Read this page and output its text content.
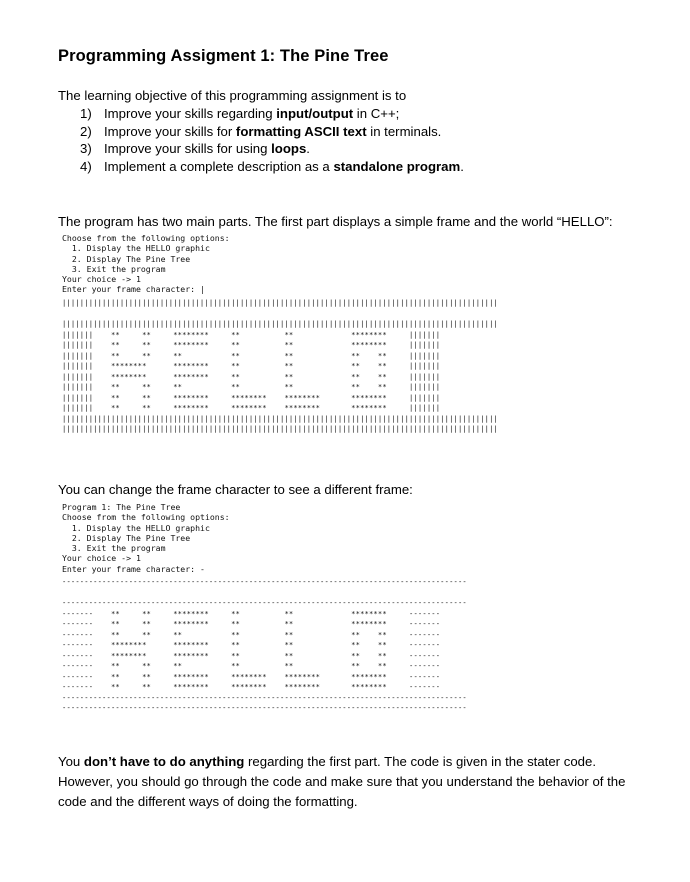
Programming Assigment 1: The Pine Tree

The learning objective of this programming assignment is to

1) Improve your skills regarding input/output in C++;
2) Improve your skills for formatting ASCII text in terminals.
3) Improve your skills for using loops.
4) Implement a complete description as a standalone program.

The program has two main parts. The first part displays a simple frame and the world “HELLO”:

Choose from the following options:
1. Display the HELLO graphic
2. Display The Pine Tree
3. Exit the program
Your choice -> 1
Enter your frame character: |
||||||||||||||||||||||||||||||||||||||||||||||||||||||||||||||||||||||||||||||||||||||||||||||||||

||||||||||||||||||||||||||||||||||||||||||||||||||||||||||||||||||||||||||||||||||||||||||||||||||
|||||||    **     **     ********     **          **             ********     |||||||
|||||||    **     **     ********     **          **             ********     |||||||
|||||||    **     **     **           **          **             **    **     |||||||
|||||||    ********      ********     **          **             **    **     |||||||
|||||||    ********      ********     **          **             **    **     |||||||
|||||||    **     **     **           **          **             **    **     |||||||
|||||||    **     **     ********     ********    ********       ********     |||||||
|||||||    **     **     ********     ********    ********       ********     |||||||
||||||||||||||||||||||||||||||||||||||||||||||||||||||||||||||||||||||||||||||||||||||||||||||||||
||||||||||||||||||||||||||||||||||||||||||||||||||||||||||||||||||||||||||||||||||||||||||||||||||

You can change the frame character to see a different frame:

Program 1: The Pine Tree
Choose from the following options:
1. Display the HELLO graphic
2. Display The Pine Tree
3. Exit the program
Your choice -> 1
Enter your frame character: -
-------------------------------------------------------------------------------------------

-------------------------------------------------------------------------------------------
-------    **     **     ********     **          **             ********     -------
-------    **     **     ********     **          **             ********     -------
-------    **     **     **           **          **             **    **     -------
-------    ********      ********     **          **             **    **     -------
-------    ********      ********     **          **             **    **     -------
-------    **     **     **           **          **             **    **     -------
-------    **     **     ********     ********    ********       ********     -------
-------    **     **     ********     ********    ********       ********     -------
-------------------------------------------------------------------------------------------
-------------------------------------------------------------------------------------------

You don’t have to do anything regarding the first part. The code is given in the stater code. However, you should go through the code and make sure that you understand the behavior of the code and the different ways of doing the formatting.
